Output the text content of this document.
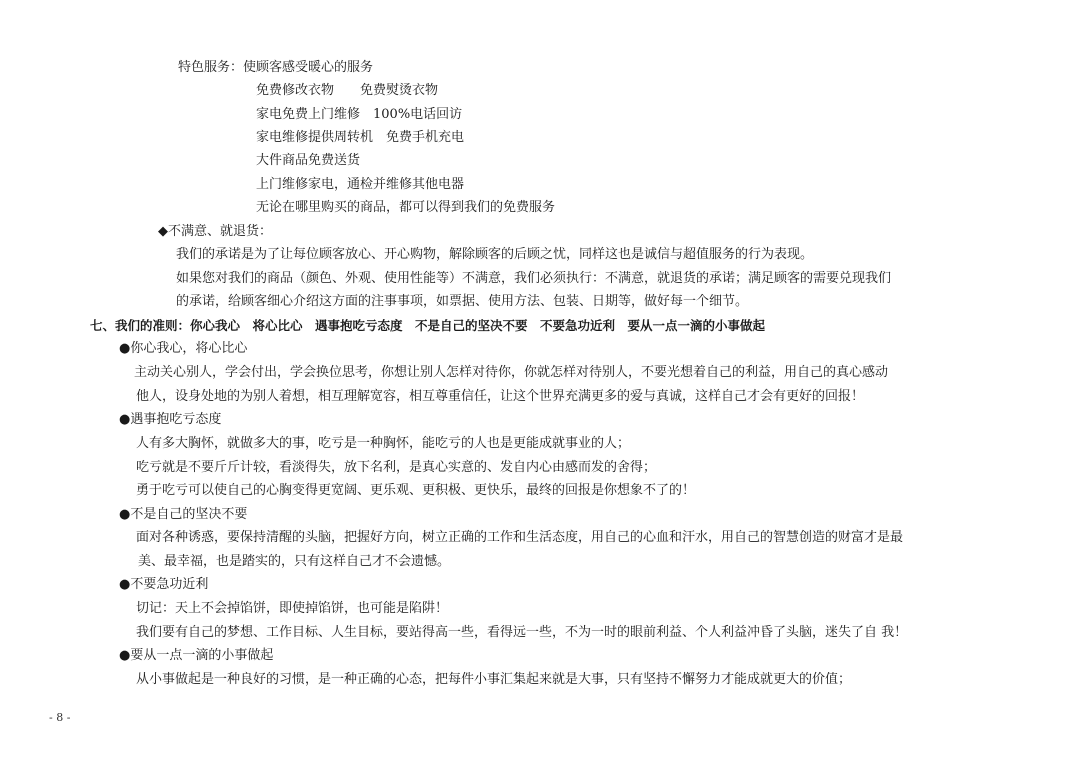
特色服务：使顾客感受暖心的服务
免费修改衣物　　免费熨烫衣物
家电免费上门维修　100%电话回访
家电维修提供周转机　免费手机充电
大件商品免费送货
上门维修家电，通检并维修其他电器
无论在哪里购买的商品，都可以得到我们的免费服务
◆不满意、就退货：
我们的承诺是为了让每位顾客放心、开心购物，解除顾客的后顾之忧，同样这也是诚信与超值服务的行为表现。
如果您对我们的商品（颜色、外观、使用性能等）不满意，我们必须执行：不满意，就退货的承诺；满足顾客的需要兑现我们
的承诺，给顾客细心介绍这方面的注事事项，如票据、使用方法、包装、日期等，做好每一个细节。
七、我们的准则：你心我心　将心比心　遇事抱吃亏态度　不是自己的坚决不要　不要急功近利　要从一点一滴的小事做起
●你心我心，将心比心
主动关心别人，学会付出，学会换位思考，你想让别人怎样对待你，你就怎样对待别人，不要光想着自己的利益，用自己的真心感动
他人，设身处地的为别人着想，相互理解宽容，相互尊重信任，让这个世界充满更多的爱与真诚，这样自己才会有更好的回报！
●遇事抱吃亏态度
人有多大胸怀，就做多大的事，吃亏是一种胸怀，能吃亏的人也是更能成就事业的人；
吃亏就是不要斤斤计较，看淡得失，放下名利，是真心实意的、发自内心由感而发的舍得；
勇于吃亏可以使自己的心胸变得更宽阔、更乐观、更积极、更快乐，最终的回报是你想象不了的！
●不是自己的坚决不要
面对各种诱惑，要保持清醒的头脑，把握好方向，树立正确的工作和生活态度，用自己的心血和汗水，用自己的智慧创造的财富才是最
美、最幸福，也是踏实的，只有这样自己才不会遗憾。
●不要急功近利
切记：天上不会掉馅饼，即使掉馅饼，也可能是陷阱！
我们要有自己的梦想、工作目标、人生目标，要站得高一些，看得远一些，不为一时的眼前利益、个人利益冲昏了头脑，迷失了自 我！
●要从一点一滴的小事做起
从小事做起是一种良好的习惯，是一种正确的心态，把每件小事汇集起来就是大事，只有坚持不懈努力才能成就更大的价值；
- 8 -
